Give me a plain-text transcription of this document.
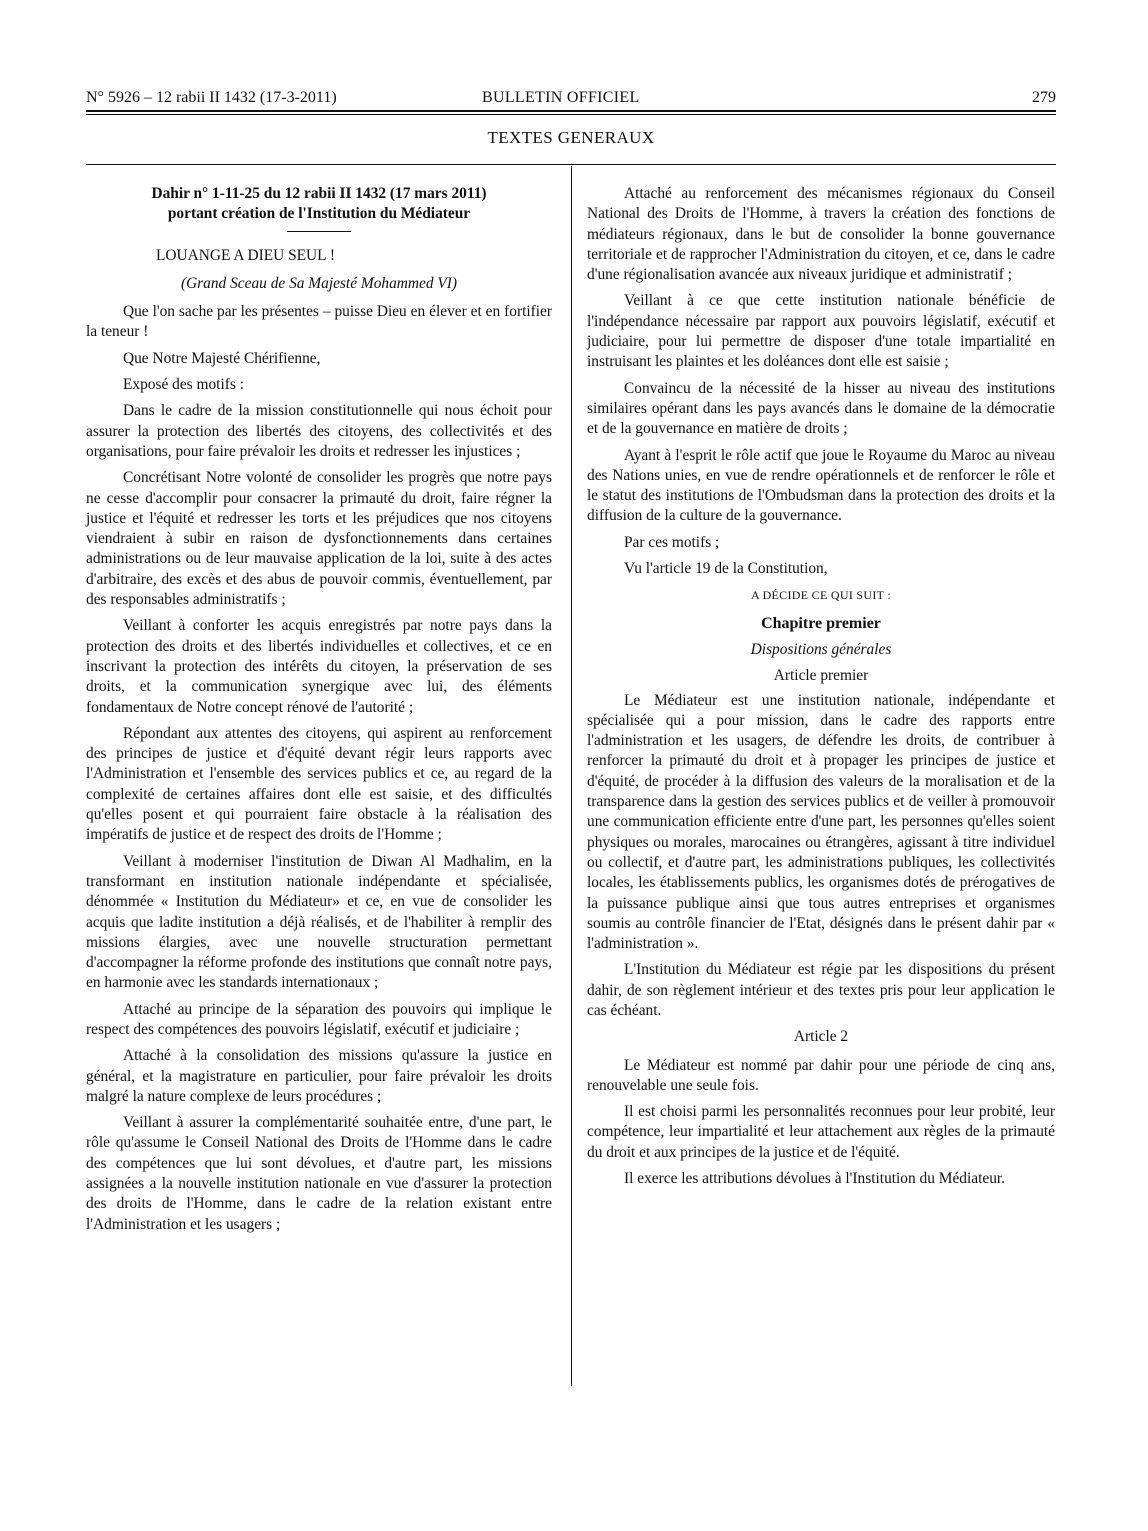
N° 5926 – 12 rabii II 1432 (17-3-2011)	BULLETIN OFFICIEL	279
TEXTES GENERAUX
Dahir n° 1-11-25 du 12 rabii II 1432 (17 mars 2011)
portant création de l'Institution du Médiateur

LOUANGE A DIEU SEUL !

(Grand Sceau de Sa Majesté Mohammed VI)

Que l'on sache par les présentes – puisse Dieu en élever et en fortifier la teneur !

Que Notre Majesté Chérifienne,

Exposé des motifs :

Dans le cadre de la mission constitutionnelle qui nous échoit pour assurer la protection des libertés des citoyens, des collectivités et des organisations, pour faire prévaloir les droits et redresser les injustices ;

Concrétisant Notre volonté de consolider les progrès que notre pays ne cesse d'accomplir pour consacrer la primauté du droit, faire régner la justice et l'équité et redresser les torts et les préjudices que nos citoyens viendraient à subir en raison de dysfonctionnements dans certaines administrations ou de leur mauvaise application de la loi, suite à des actes d'arbitraire, des excès et des abus de pouvoir commis, éventuellement, par des responsables administratifs ;

Veillant à conforter les acquis enregistrés par notre pays dans la protection des droits et des libertés individuelles et collectives, et ce en inscrivant la protection des intérêts du citoyen, la préservation de ses droits, et la communication synergique avec lui, des éléments fondamentaux de Notre concept rénové de l'autorité ;

Répondant aux attentes des citoyens, qui aspirent au renforcement des principes de justice et d'équité devant régir leurs rapports avec l'Administration et l'ensemble des services publics et ce, au regard de la complexité de certaines affaires dont elle est saisie, et des difficultés qu'elles posent et qui pourraient faire obstacle à la réalisation des impératifs de justice et de respect des droits de l'Homme ;

Veillant à moderniser l'institution de Diwan Al Madhalim, en la transformant en institution nationale indépendante et spécialisée, dénommée « Institution du Médiateur» et ce, en vue de consolider les acquis que ladite institution a déjà réalisés, et de l'habiliter à remplir des missions élargies, avec une nouvelle structuration permettant d'accompagner la réforme profonde des institutions que connaît notre pays, en harmonie avec les standards internationaux ;

Attaché au principe de la séparation des pouvoirs qui implique le respect des compétences des pouvoirs législatif, exécutif et judiciaire ;

Attaché à la consolidation des missions qu'assure la justice en général, et la magistrature en particulier, pour faire prévaloir les droits malgré la nature complexe de leurs procédures ;

Veillant à assurer la complémentarité souhaitée entre, d'une part, le rôle qu'assume le Conseil National des Droits de l'Homme dans le cadre des compétences que lui sont dévolues, et d'autre part, les missions assignées a la nouvelle institution nationale en vue d'assurer la protection des droits de l'Homme, dans le cadre de la relation existant entre l'Administration et les usagers ;

Attaché au renforcement des mécanismes régionaux du Conseil National des Droits de l'Homme, à travers la création des fonctions de médiateurs régionaux, dans le but de consolider la bonne gouvernance territoriale et de rapprocher l'Administration du citoyen, et ce, dans le cadre d'une régionalisation avancée aux niveaux juridique et administratif ;

Veillant à ce que cette institution nationale bénéficie de l'indépendance nécessaire par rapport aux pouvoirs législatif, exécutif et judiciaire, pour lui permettre de disposer d'une totale impartialité en instruisant les plaintes et les doléances dont elle est saisie ;

Convaincu de la nécessité de la hisser au niveau des institutions similaires opérant dans les pays avancés dans le domaine de la démocratie et de la gouvernance en matière de droits ;

Ayant à l'esprit le rôle actif que joue le Royaume du Maroc au niveau des Nations unies, en vue de rendre opérationnels et de renforcer le rôle et le statut des institutions de l'Ombudsman dans la protection des droits et la diffusion de la culture de la gouvernance.

Par ces motifs ;

Vu l'article 19 de la Constitution,

A DÉCIDE CE QUI SUIT :

Chapitre premier

Dispositions générales

Article premier

Le Médiateur est une institution nationale, indépendante et spécialisée qui a pour mission, dans le cadre des rapports entre l'administration et les usagers, de défendre les droits, de contribuer à renforcer la primauté du droit et à propager les principes de justice et d'équité, de procéder à la diffusion des valeurs de la moralisation et de la transparence dans la gestion des services publics et de veiller à promouvoir une communication efficiente entre d'une part, les personnes qu'elles soient physiques ou morales, marocaines ou étrangères, agissant à titre individuel ou collectif, et d'autre part, les administrations publiques, les collectivités locales, les établissements publics, les organismes dotés de prérogatives de la puissance publique ainsi que tous autres entreprises et organismes soumis au contrôle financier de l'Etat, désignés dans le présent dahir par « l'administration ».

L'Institution du Médiateur est régie par les dispositions du présent dahir, de son règlement intérieur et des textes pris pour leur application le cas échéant.

Article 2

Le Médiateur est nommé par dahir pour une période de cinq ans, renouvelable une seule fois.

Il est choisi parmi les personnalités reconnues pour leur probité, leur compétence, leur impartialité et leur attachement aux règles de la primauté du droit et aux principes de la justice et de l'équité.

Il exerce les attributions dévolues à l'Institution du Médiateur.
